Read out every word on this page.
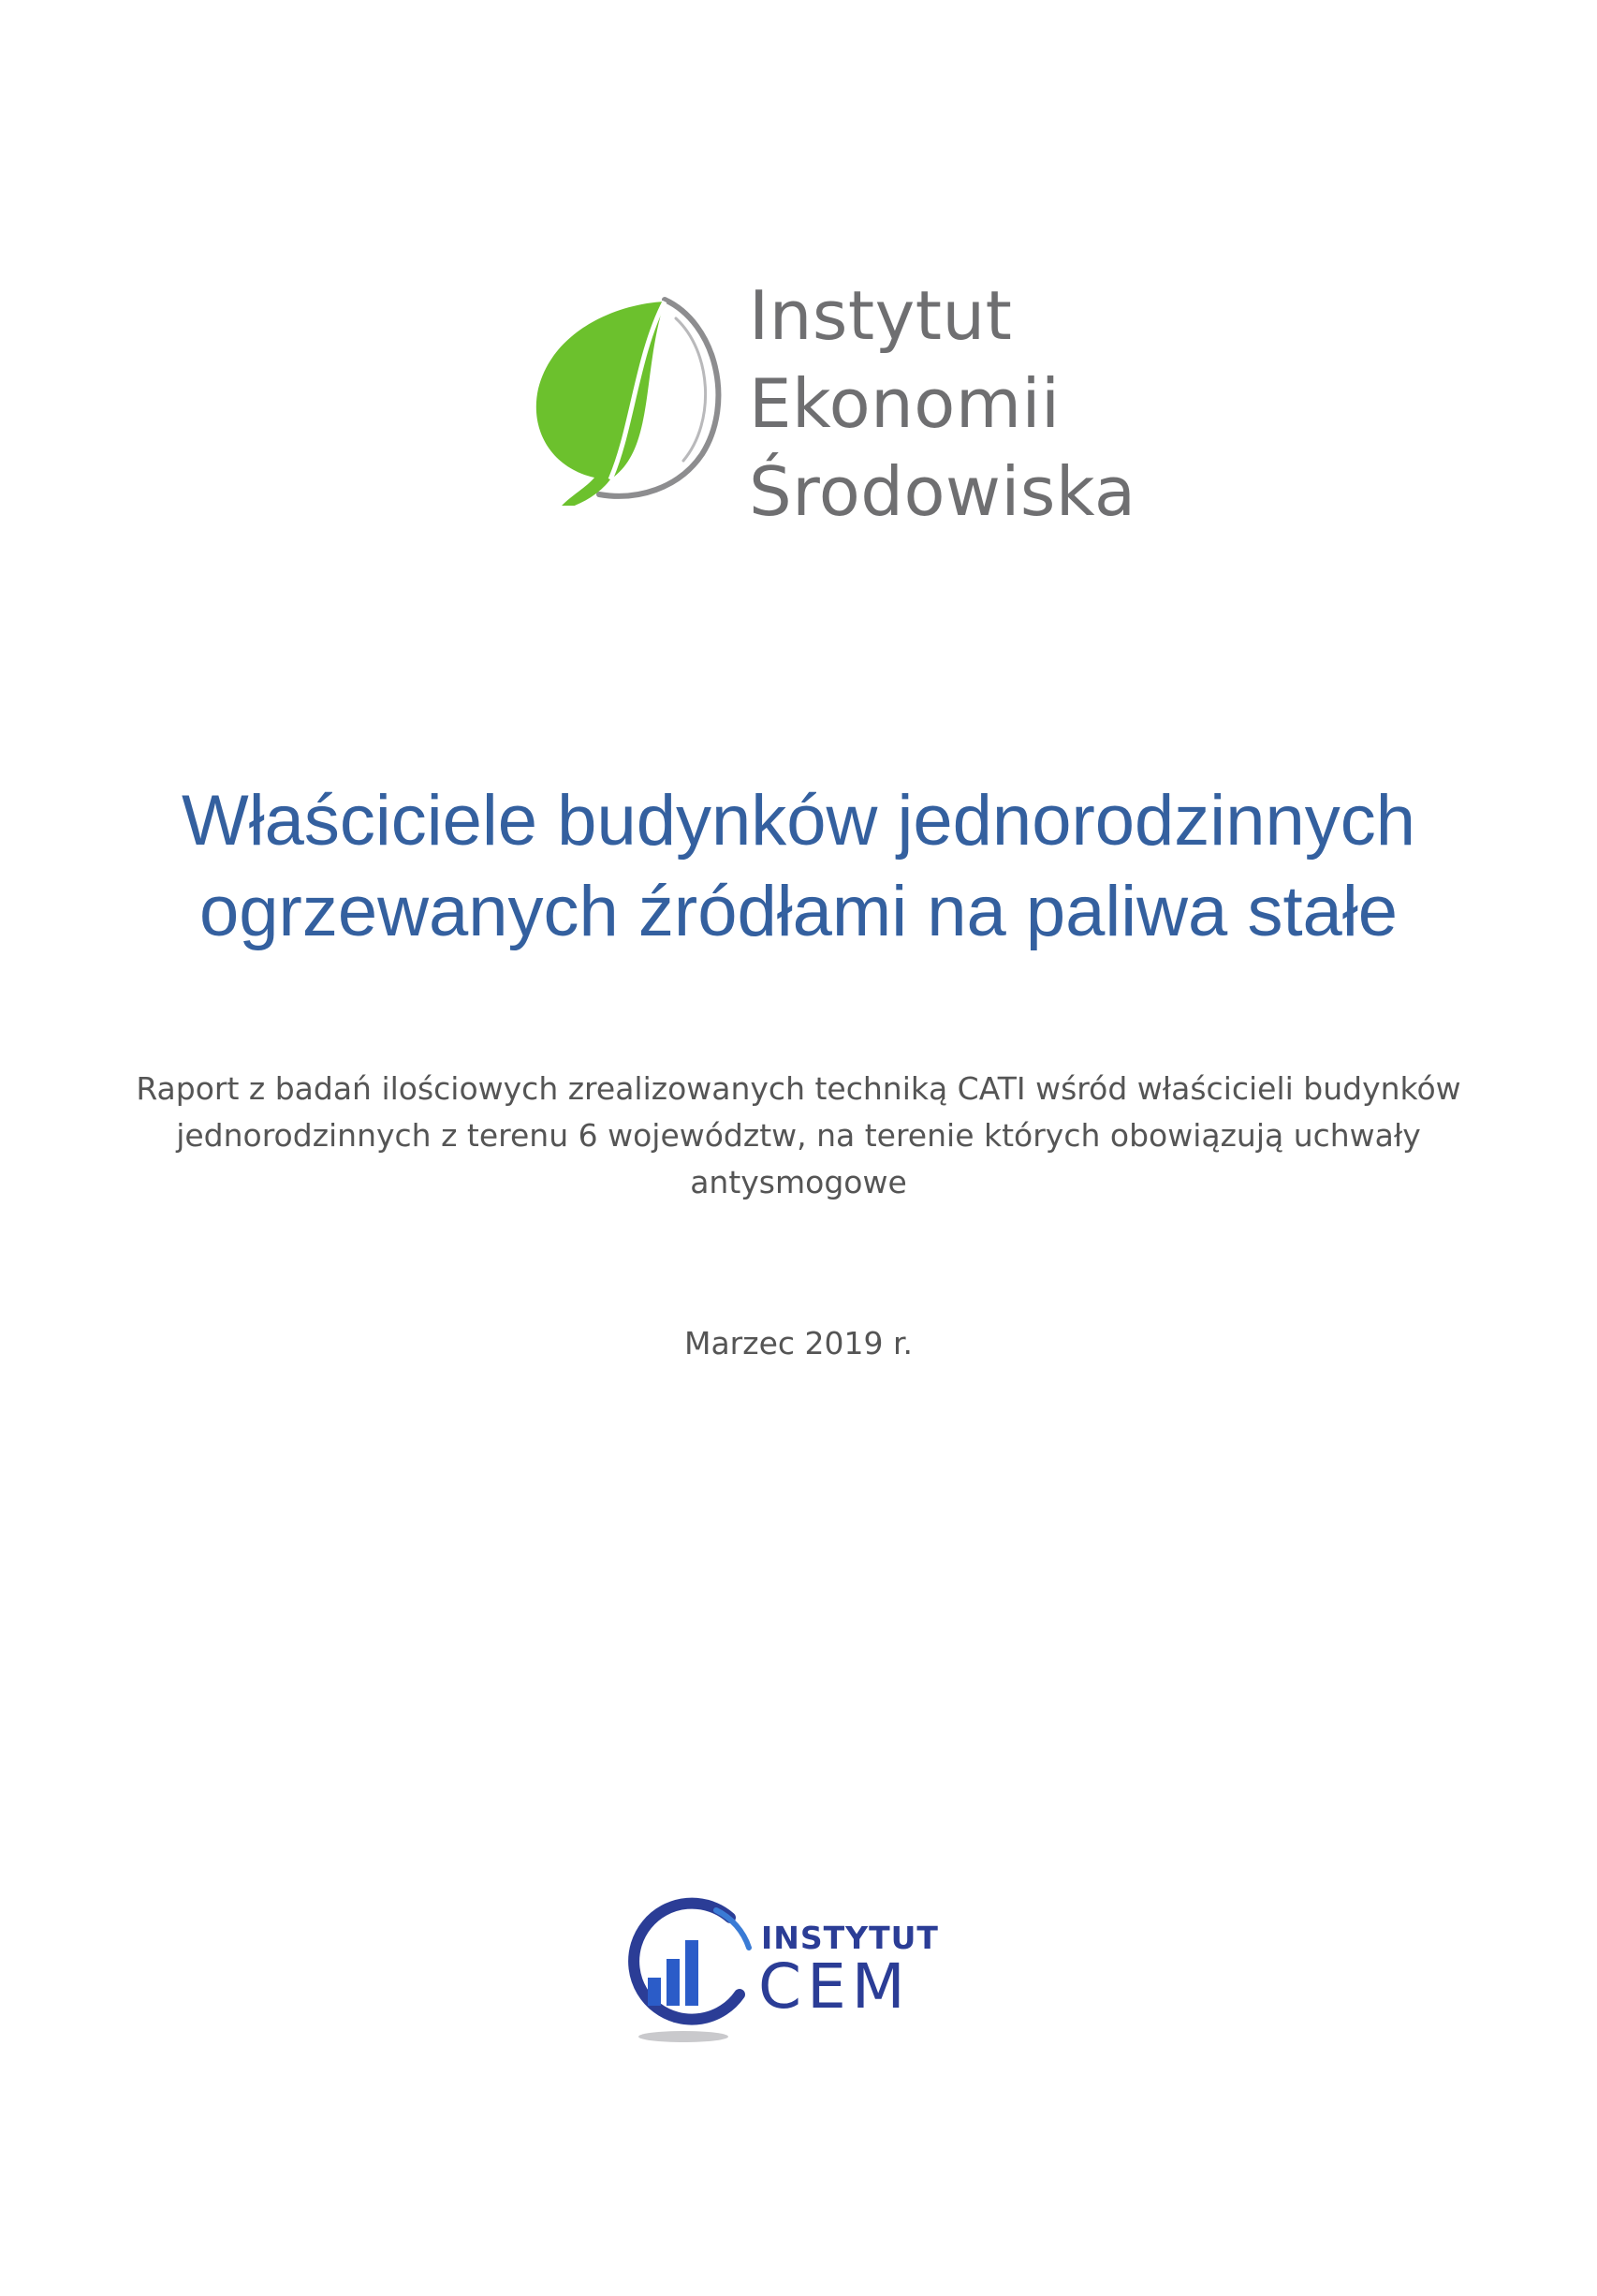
Instytut
Ekonomii
Środowiska
Właściciele budynków jednorodzinnych
ogrzewanych źródłami na paliwa stałe
Raport z badań ilościowych zrealizowanych techniką CATI wśród właścicieli budynków jednorodzinnych z terenu 6 województw, na terenie których obowiązują uchwały antysmogowe
Marzec 2019 r.
INSTYTUT
CEM
